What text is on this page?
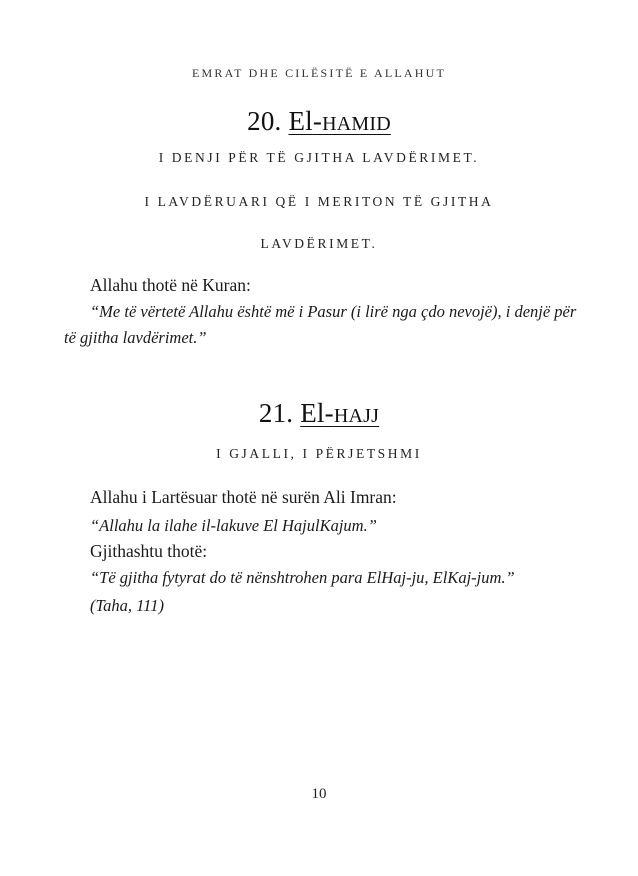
EMRAT DHE CILËSITË E ALLAHUT
20. El-HAMID
I DENJI PËR TË GJITHA LAVDËRIMET.
I LAVDËRUARI QË I MERITON TË GJITHA
LAVDËRIMET.
Allahu thotë në Kuran:
“Me të vërtetë Allahu është më i Pasur (i lirë nga çdo nevojë), i denjë për
të gjitha lavdërimet.”
21. El-HAJJ
I GJALLI, I PËRJETSHMI
Allahu i Lartësuar thotë në surën Ali Imran:
“Allahu la ilahe il-lakuve El HajulKajum.”
Gjithashtu thotë:
“Të gjitha fytyrat do të nënshtrohen para ElHaj-ju, ElKaj-jum.”
(Taha, 111)
10
